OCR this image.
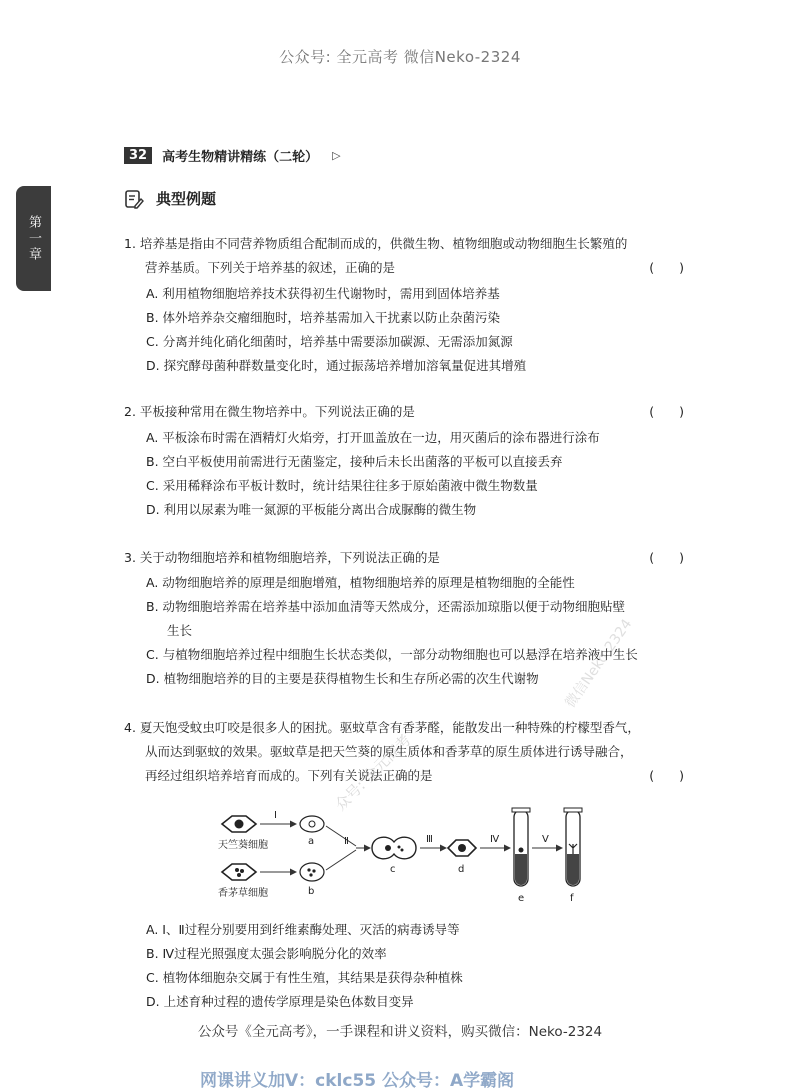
公众号: 全元高考 微信Neko-2324
32	高考生物精讲精练（二轮） ▷
第一章
典型例题
1. 培养基是指由不同营养物质组合配制而成的，供微生物、植物细胞或动物细胞生长繁殖的
营养基质。下列关于培养基的叙述，正确的是	(　　)
A. 利用植物细胞培养技术获得初生代谢物时，需用到固体培养基
B. 体外培养杂交瘤细胞时，培养基需加入干扰素以防止杂菌污染
C. 分离并纯化硝化细菌时，培养基中需要添加碳源、无需添加氮源
D. 探究酵母菌种群数量变化时，通过振荡培养增加溶氧量促进其增殖
2. 平板接种常用在微生物培养中。下列说法正确的是	(　　)
A. 平板涂布时需在酒精灯火焰旁，打开皿盖放在一边，用灭菌后的涂布器进行涂布
B. 空白平板使用前需进行无菌鉴定，接种后未长出菌落的平板可以直接丢弃
C. 采用稀释涂布平板计数时，统计结果往往多于原始菌液中微生物数量
D. 利用以尿素为唯一氮源的平板能分离出合成脲酶的微生物
3. 关于动物细胞培养和植物细胞培养，下列说法正确的是	(　　)
A. 动物细胞培养的原理是细胞增殖，植物细胞培养的原理是植物细胞的全能性
B. 动物细胞培养需在培养基中添加血清等天然成分，还需添加琼脂以便于动物细胞贴壁
生长
C. 与植物细胞培养过程中细胞生长状态类似，一部分动物细胞也可以悬浮在培养液中生长
D. 植物细胞培养的目的主要是获得植物生长和生存所必需的次生代谢物
4. 夏天饱受蚊虫叮咬是很多人的困扰。驱蚊草含有香茅醛，能散发出一种特殊的柠檬型香气，
从而达到驱蚊的效果。驱蚊草是把天竺葵的原生质体和香茅草的原生质体进行诱导融合，
再经过组织培养培育而成的。下列有关说法正确的是	(　　)
天竺葵细胞
香茅草细胞
Ⅰ
a
b
Ⅱ
c
Ⅲ
d
Ⅳ
e
Ⅴ
f
众号: 全元高考
微信Neko-2324
A. Ⅰ、Ⅱ过程分别要用到纤维素酶处理、灭活的病毒诱导等
B. Ⅳ过程光照强度太强会影响脱分化的效率
C. 植物体细胞杂交属于有性生殖，其结果是获得杂种植株
D. 上述育种过程的遗传学原理是染色体数目变异
公众号《全元高考》，一手课程和讲义资料，购买微信：Neko-2324
网课讲义加V：cklc55 公众号：A学霸阁
